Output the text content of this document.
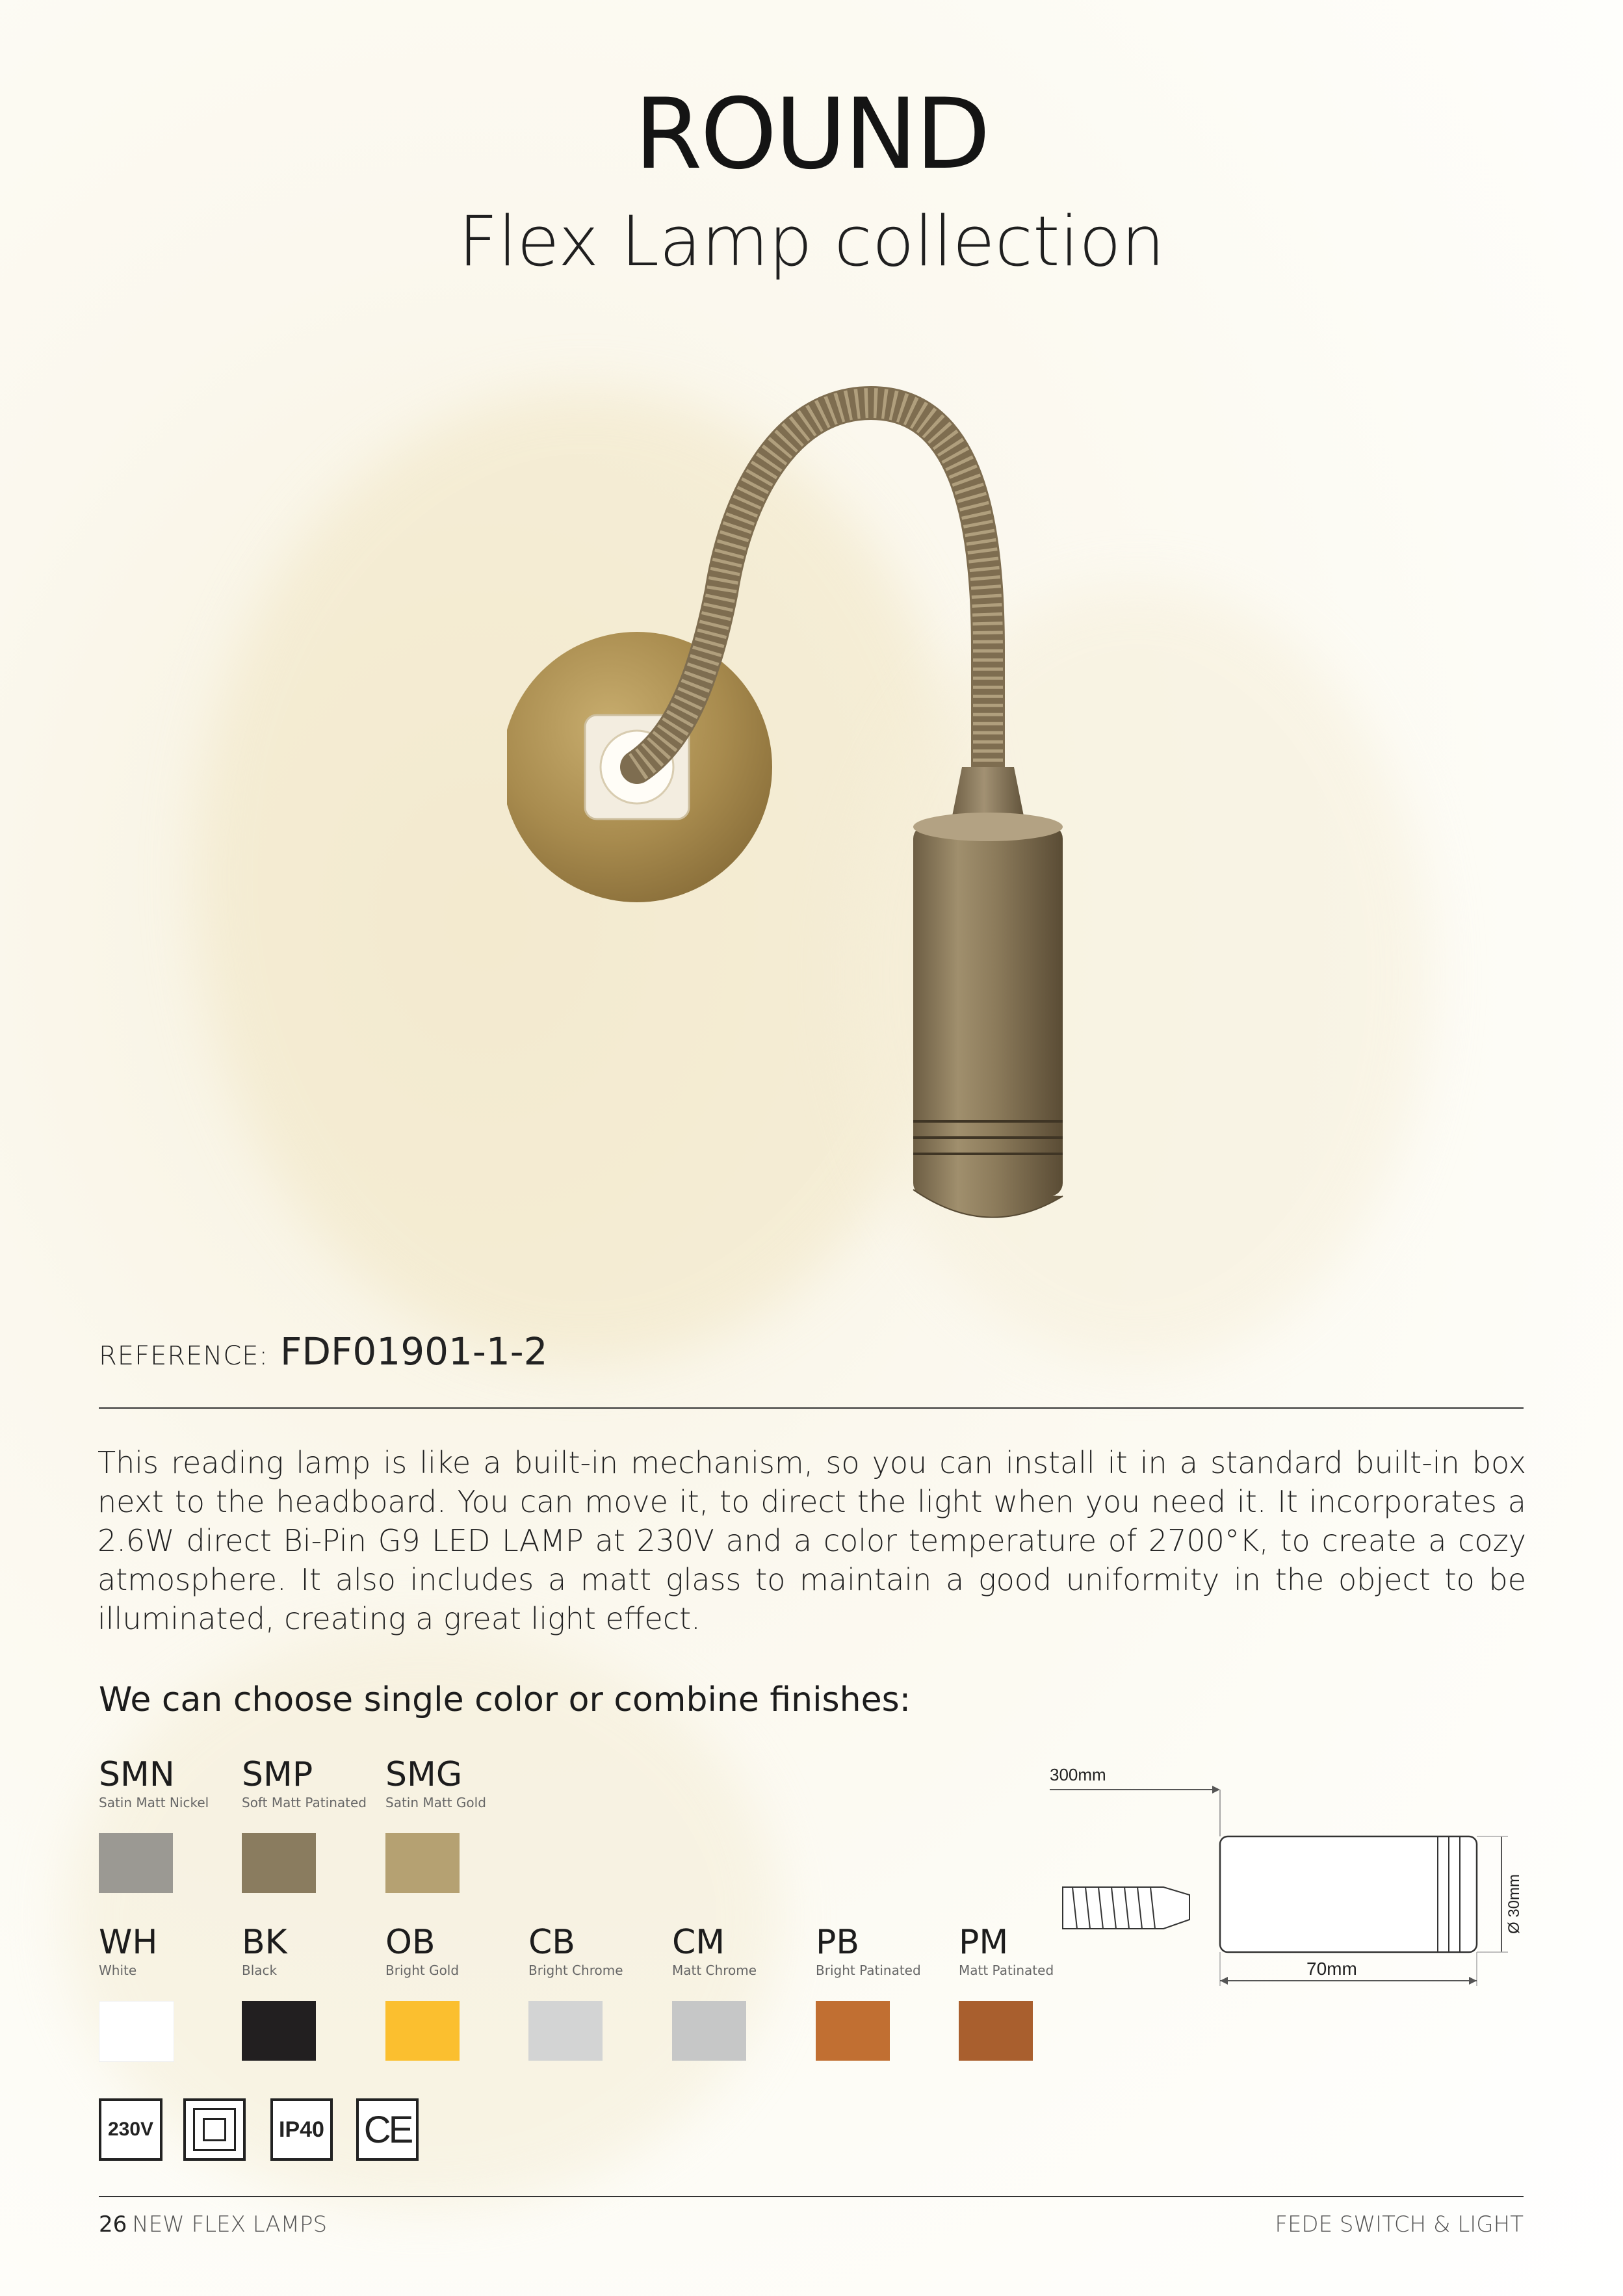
ROUND
Flex Lamp collection
REFERENCE: FDF01901-1-2
This reading lamp is like a built-in mechanism, so you can install it in a standard built-in box next to the headboard. You can move it, to direct the light when you need it. It incorporates a 2.6W direct Bi-Pin G9 LED LAMP at 230V and a color temperature of 2700°K, to create a cozy atmosphere. It also includes a matt glass to maintain a good uniformity in the object to be illuminated, creating a great light effect.
We can choose single color or combine finishes:
SMN
Satin Matt Nickel
SMP
Soft Matt Patinated
SMG
Satin Matt Gold
WH
White
BK
Black
OB
Bright Gold
CB
Bright Chrome
CM
Matt Chrome
PB
Bright Patinated
PM
Matt Patinated
300mm
Ø 30mm
70mm
230V	IP40 CE
26 NEW FLEX LAMPS	FEDE SWITCH & LIGHT
